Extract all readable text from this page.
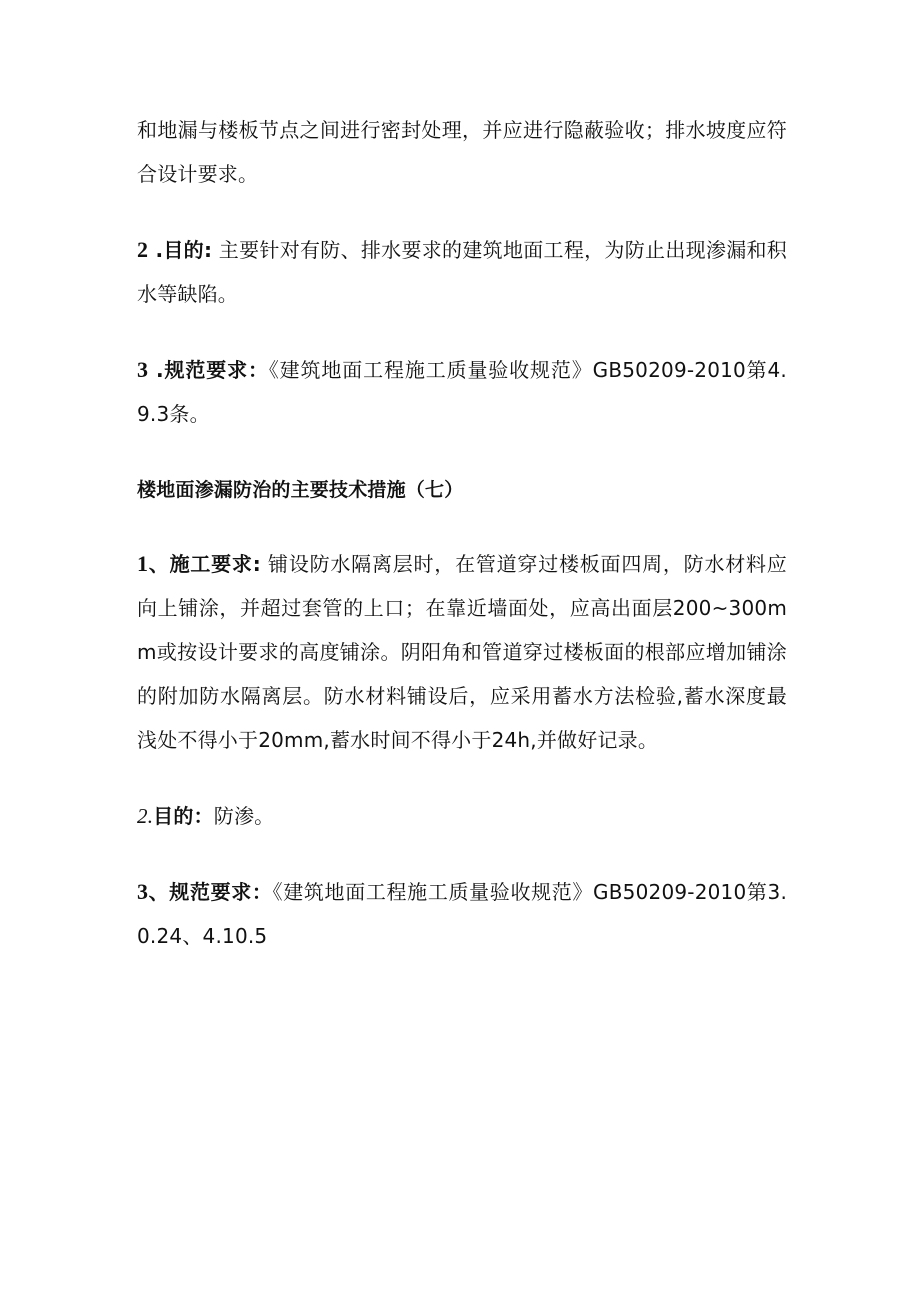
和地漏与楼板节点之间进行密封处理，并应进行隐蔽验收；排水坡度应符合设计要求。

2 .目的: 主要针对有防、排水要求的建筑地面工程，为防止出现渗漏和积水等缺陷。

3 .规范要求：《建筑地面工程施工质量验收规范》GB50209-2010第4.9.3条。

楼地面渗漏防治的主要技术措施（七）

1、施工要求: 铺设防水隔离层时，在管道穿过楼板面四周，防水材料应向上铺涂，并超过套管的上口；在靠近墙面处，应高出面层200~300mm或按设计要求的高度铺涂。阴阳角和管道穿过楼板面的根部应增加铺涂的附加防水隔离层。防水材料铺设后，应采用蓄水方法检验,蓄水深度最浅处不得小于20mm,蓄水时间不得小于24h,并做好记录。

2.目的：防渗。

3、规范要求：《建筑地面工程施工质量验收规范》GB50209-2010第3.0.24、4.10.5
